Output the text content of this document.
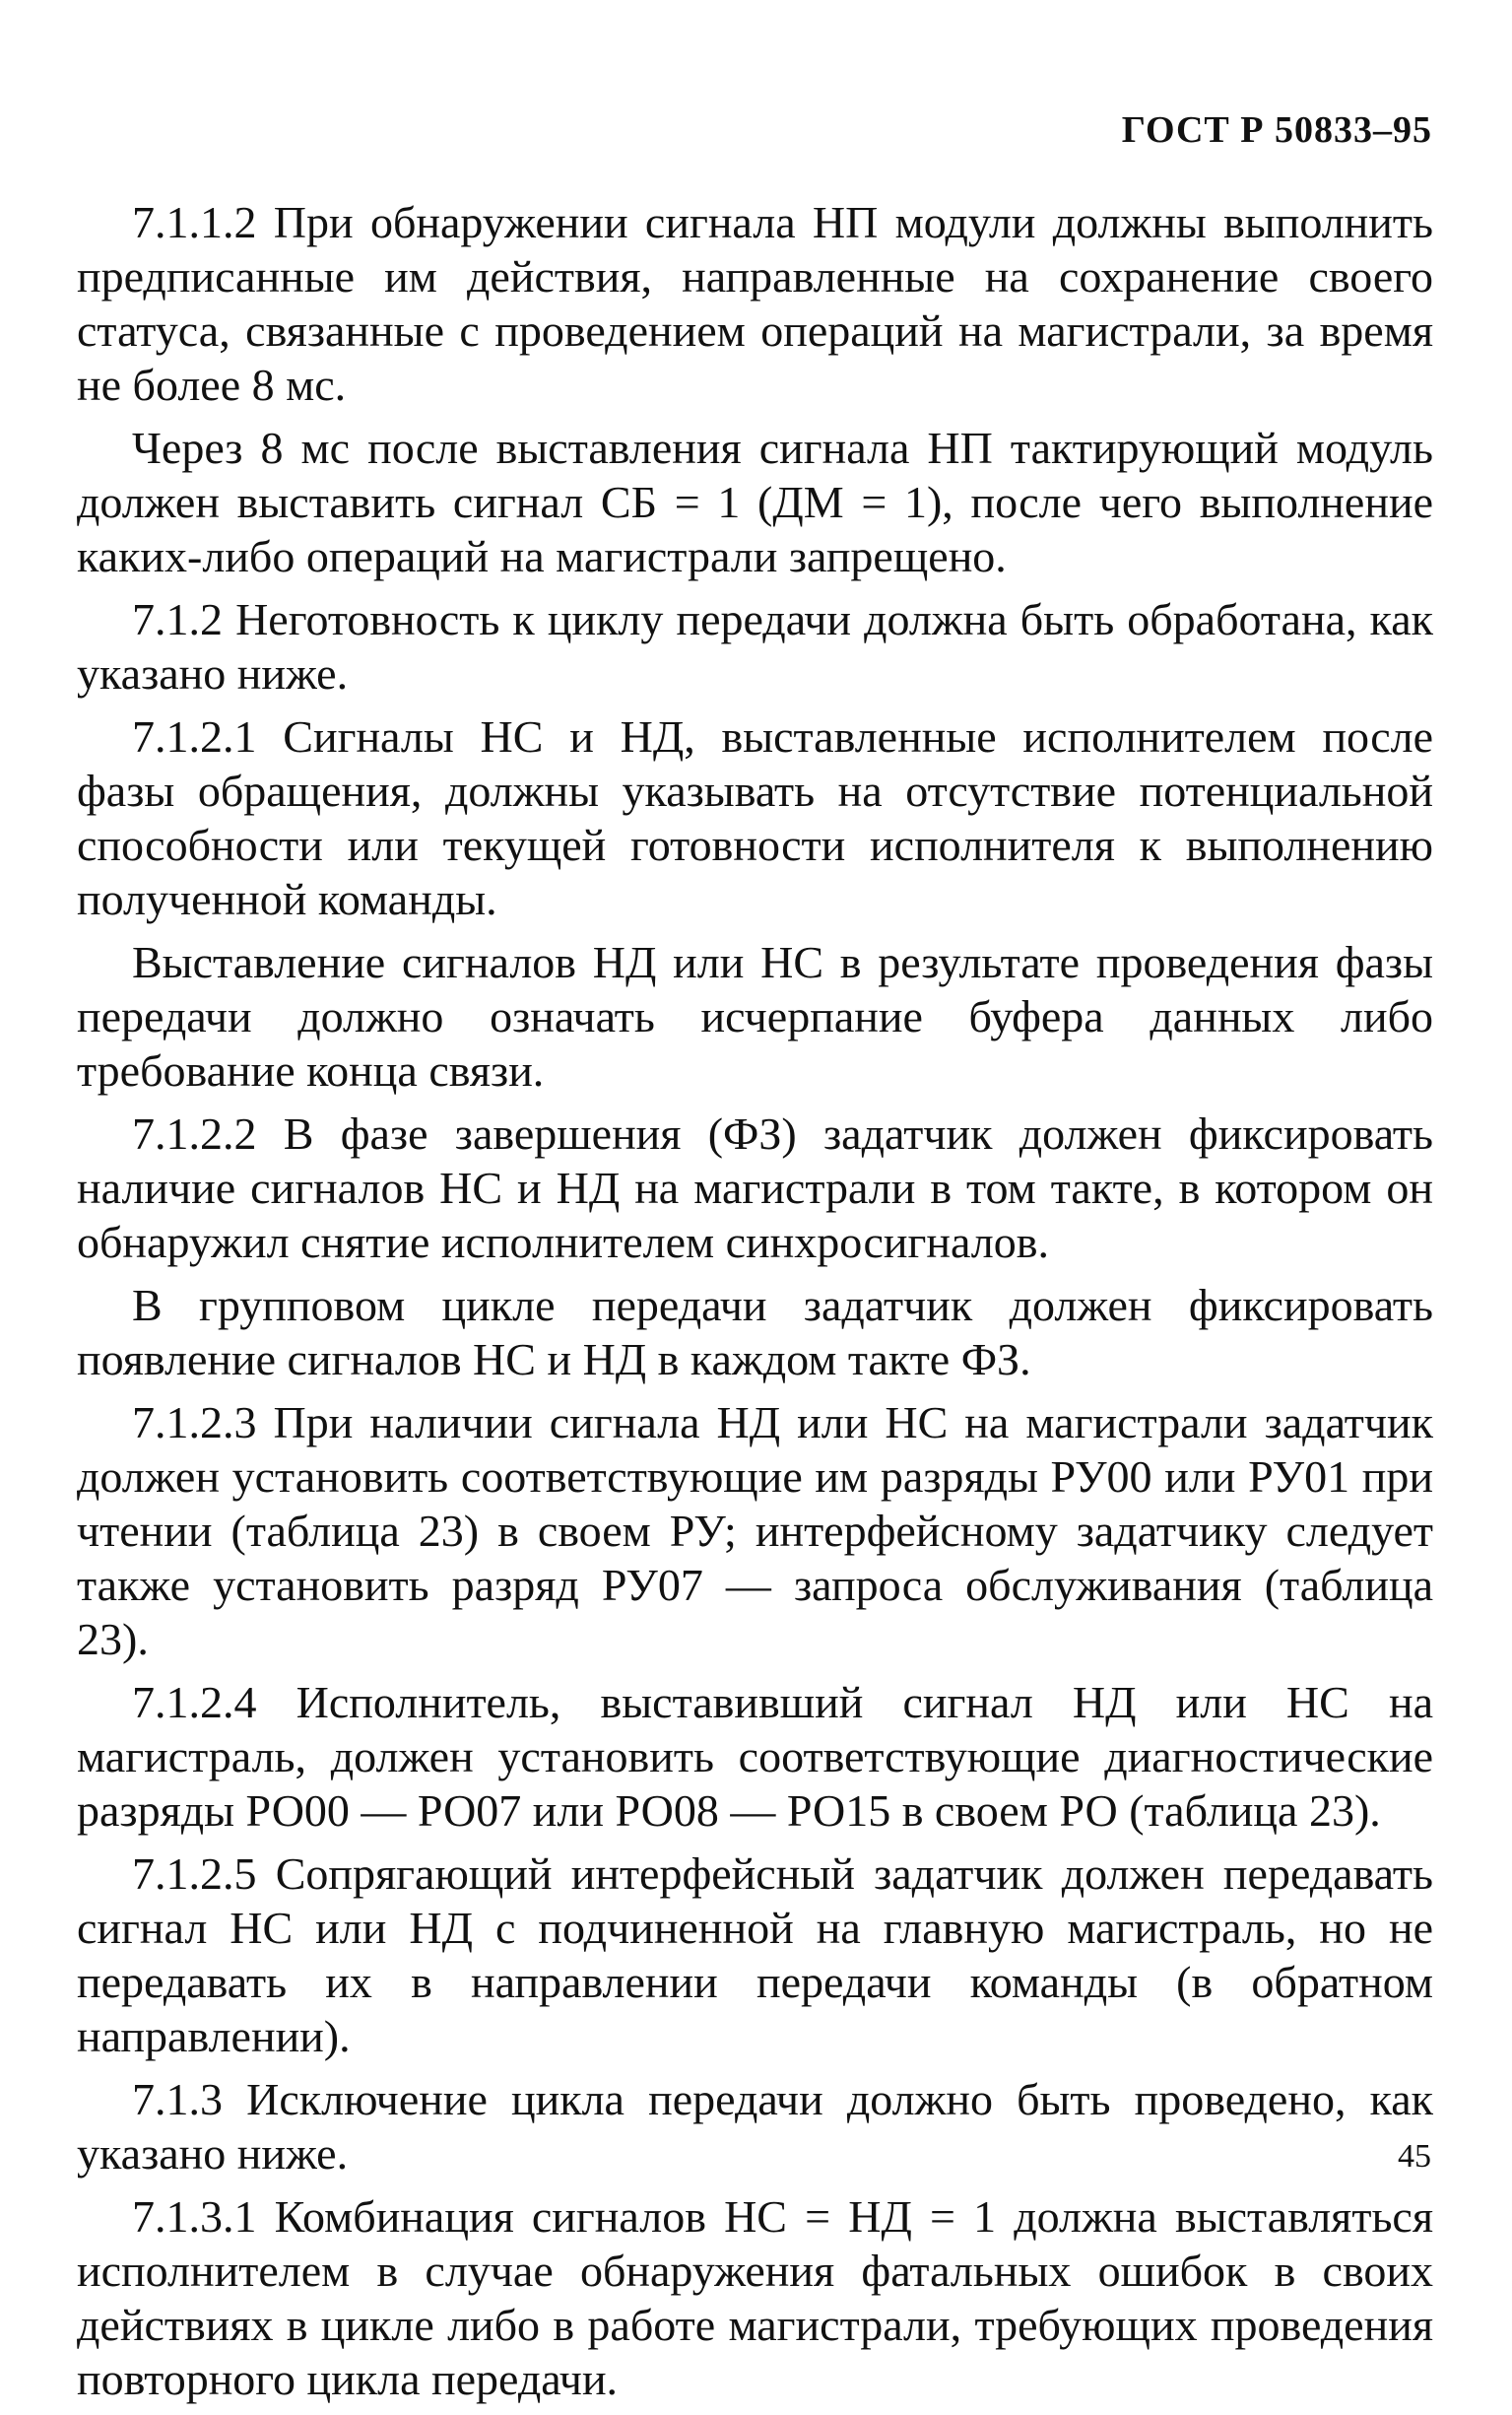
ГОСТ Р 50833–95

7.1.1.2 При обнаружении сигнала НП модули должны выполнить предписанные им действия, направленные на сохранение своего статуса, связанные с проведением операций на магистрали, за время не более 8 мс.

Через 8 мс после выставления сигнала НП тактирующий модуль должен выставить сигнал СБ = 1 (ДМ = 1), после чего выполнение каких-либо операций на магистрали запрещено.

7.1.2 Неготовность к циклу передачи должна быть обработана, как указано ниже.

7.1.2.1 Сигналы НС и НД, выставленные исполнителем после фазы обращения, должны указывать на отсутствие потенциальной способности или текущей готовности исполнителя к выполнению полученной команды.

Выставление сигналов НД или НС в результате проведения фазы передачи должно означать исчерпание буфера данных либо требование конца связи.

7.1.2.2 В фазе завершения (ФЗ) задатчик должен фиксировать наличие сигналов НС и НД на магистрали в том такте, в котором он обнаружил снятие исполнителем синхросигналов.

В групповом цикле передачи задатчик должен фиксировать появление сигналов НС и НД в каждом такте ФЗ.

7.1.2.3 При наличии сигнала НД или НС на магистрали задатчик должен установить соответствующие им разряды РУ00 или РУ01 при чтении (таблица 23) в своем РУ; интерфейсному задатчику следует также установить разряд РУ07 — запроса обслуживания (таблица 23).

7.1.2.4 Исполнитель, выставивший сигнал НД или НС на магистраль, должен установить соответствующие диагностические разряды РО00 — РО07 или РО08 — РО15 в своем РО (таблица 23).

7.1.2.5 Сопрягающий интерфейсный задатчик должен передавать сигнал НС или НД с подчиненной на главную магистраль, но не передавать их в направлении передачи команды (в обратном направлении).

7.1.3 Исключение цикла передачи должно быть проведено, как указано ниже.

7.1.3.1 Комбинация сигналов НС = НД = 1 должна выставляться исполнителем в случае обнаружения фатальных ошибок в своих действиях в цикле либо в работе магистрали, требующих проведения повторного цикла передачи.

45
